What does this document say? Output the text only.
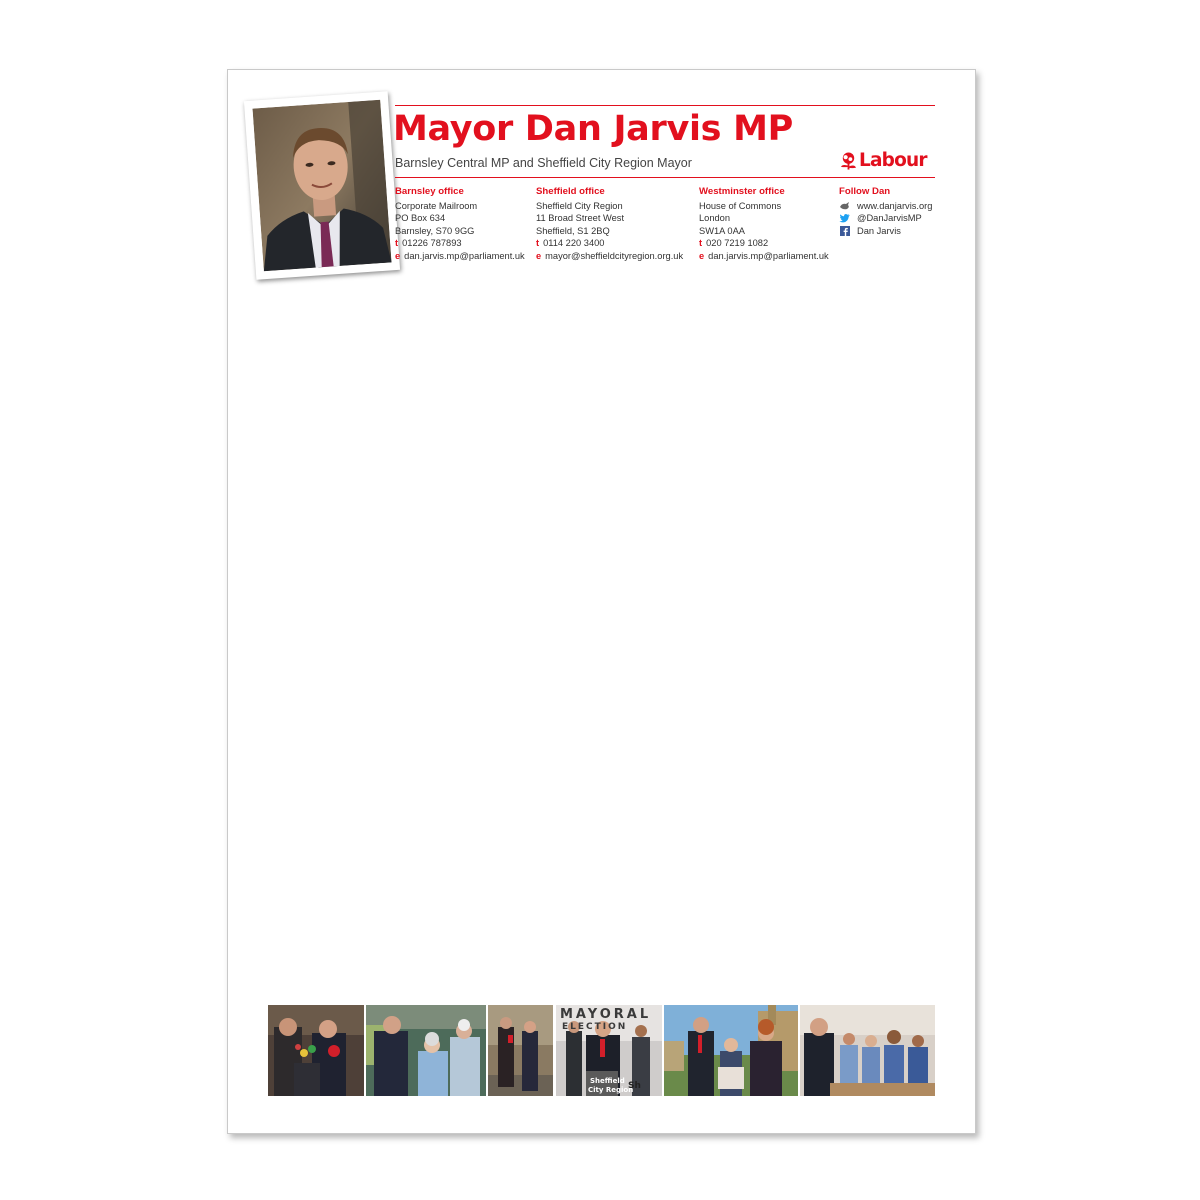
Mayor Dan Jarvis MP
Barnsley Central MP and Sheffield City Region Mayor	Labour
Barnsley office
Corporate Mailroom
PO Box 634
Barnsley, S70 9GG
t 01226 787893
e dan.jarvis.mp@parliament.uk
Sheffield office
Sheffield City Region
11 Broad Street West
Sheffield, S1 2BQ
t 0114 220 3400
e mayor@sheffieldcityregion.org.uk
Westminster office
House of Commons
London
SW1A 0AA
t 020 7219 1082
e dan.jarvis.mp@parliament.uk
Follow Dan
www.danjarvis.org
@DanJarvisMP
Dan Jarvis
MAYORAL
ELECTION
Sheffield
City Region
Sh
